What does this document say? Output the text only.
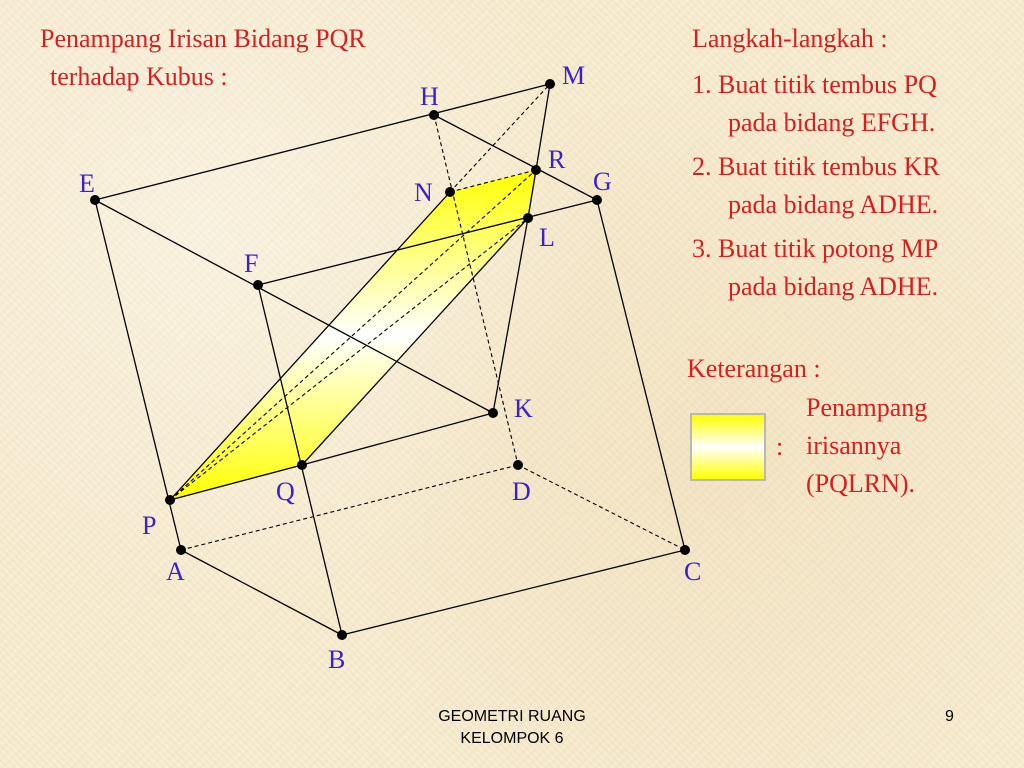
Penampang Irisan Bidang PQR
terhadap Kubus :
Langkah-langkah :
1. Buat titik tembus PQ
pada bidang EFGH.
2. Buat titik tembus KR
pada bidang ADHE.
3. Buat titik potong MP
pada bidang ADHE.
Keterangan :
:
Penampang
irisannya
(PQLRN).
E
H
G
F
A
D
C
B
M
R
N
L
K
Q
P
GEOMETRI RUANG
KELOMPOK 6
9
